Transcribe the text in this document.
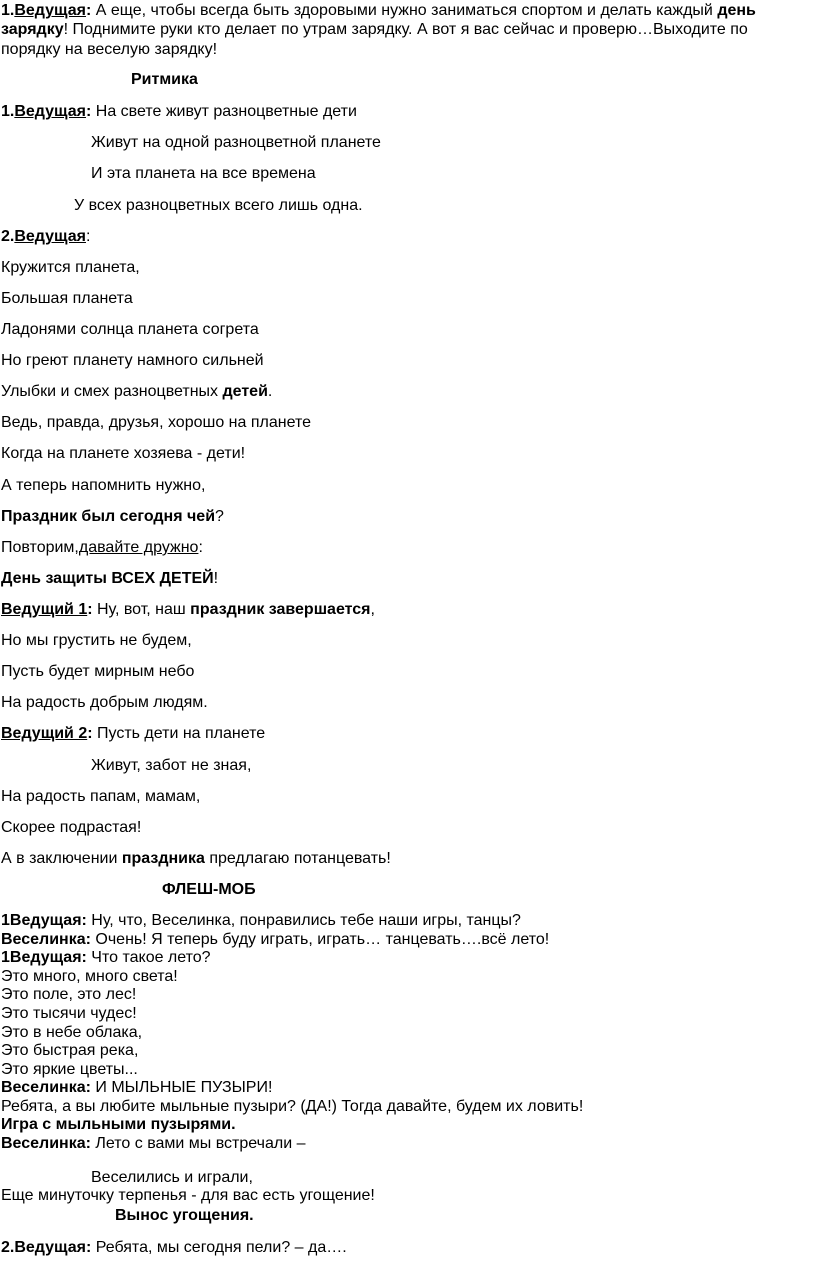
1.Ведущая: А еще, чтобы всегда быть здоровыми нужно заниматься спортом и делать каждый день
зарядку! Поднимите руки кто делает по утрам зарядку. А вот я вас сейчас и проверю…Выходите по
порядку на веселую зарядку!
Ритмика
1.Ведущая: На свете живут разноцветные дети
Живут на одной разноцветной планете
И эта планета на все времена
У всех разноцветных всего лишь одна.
2.Ведущая:
Кружится планета,
Большая планета
Ладонями солнца планета согрета
Но греют планету намного сильней
Улыбки и смех разноцветных детей.
Ведь, правда, друзья, хорошо на планете
Когда на планете хозяева - дети!
А теперь напомнить нужно,
Праздник был сегодня чей?
Повторим,давайте дружно:
День защиты ВСЕХ ДЕТЕЙ!
Ведущий 1: Ну, вот, наш праздник завершается,
Но мы грустить не будем,
Пусть будет мирным небо
На радость добрым людям.
Ведущий 2: Пусть дети на планете
Живут, забот не зная,
На радость папам, мамам,
Скорее подрастая!
А в заключении праздника предлагаю потанцевать!
ФЛЕШ-МОБ
1Ведущая: Ну, что, Веселинка, понравились тебе наши игры, танцы?
Веселинка: Очень! Я теперь буду играть, играть… танцевать….всё лето!
1Ведущая: Что такое лето?
Это много, много света!
Это поле, это лес!
Это тысячи чудес!
Это в небе облака,
Это быстрая река,
Это яркие цветы...
Веселинка: И МЫЛЬНЫЕ ПУЗЫРИ!
Ребята, а вы любите мыльные пузыри? (ДА!) Тогда давайте, будем их ловить!
Игра с мыльными пузырями.
Веселинка: Лето с вами мы встречали –
Веселились и играли,
Еще минуточку терпенья - для вас есть угощение!
Вынос угощения.
2.Ведущая: Ребята, мы сегодня пели? – да….
